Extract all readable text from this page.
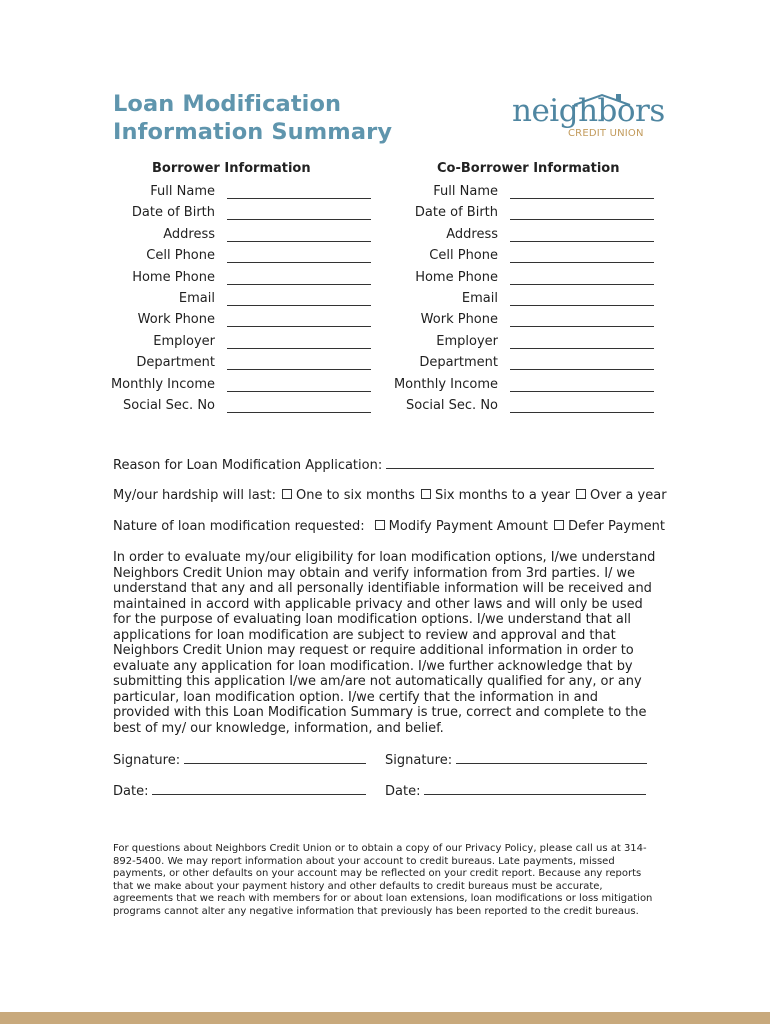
Loan Modification
Information Summary
neighbors
CREDIT UNION
Borrower Information	Co-Borrower Information
Full Name
Date of Birth
Address
Cell Phone
Home Phone
Email
Work Phone
Employer
Department
Monthly Income
Social Sec. No
Full Name
Date of Birth
Address
Cell Phone
Home Phone
Email
Work Phone
Employer
Department
Monthly Income
Social Sec. No
Reason for Loan Modification Application:
My/our hardship will last: One to six months Six months to a year Over a year
Nature of loan modification requested: Modify Payment Amount Defer Payment

In order to evaluate my/our eligibility for loan modification options, I/we understand Neighbors Credit Union may obtain and verify information from 3rd parties. I/ we understand that any and all personally identifiable information will be received and maintained in accord with applicable privacy and other laws and will only be used for the purpose of evaluating loan modification options. I/we understand that all applications for loan modification are subject to review and approval and that Neighbors Credit Union may request or require additional information in order to evaluate any application for loan modification. I/we further acknowledge that by submitting this application I/we am/are not automatically qualified for any, or any particular, loan modification option. I/we certify that the information in and provided with this Loan Modification Summary is true, correct and complete to the best of my/ our knowledge, information, and belief.

Signature:	Signature:
Date:	Date:

For questions about Neighbors Credit Union or to obtain a copy of our Privacy Policy, please call us at 314-892-5400. We may report information about your account to credit bureaus. Late payments, missed payments, or other defaults on your account may be reflected on your credit report. Because any reports that we make about your payment history and other defaults to credit bureaus must be accurate, agreements that we reach with members for or about loan extensions, loan modifications or loss mitigation programs cannot alter any negative information that previously has been reported to the credit bureaus.
